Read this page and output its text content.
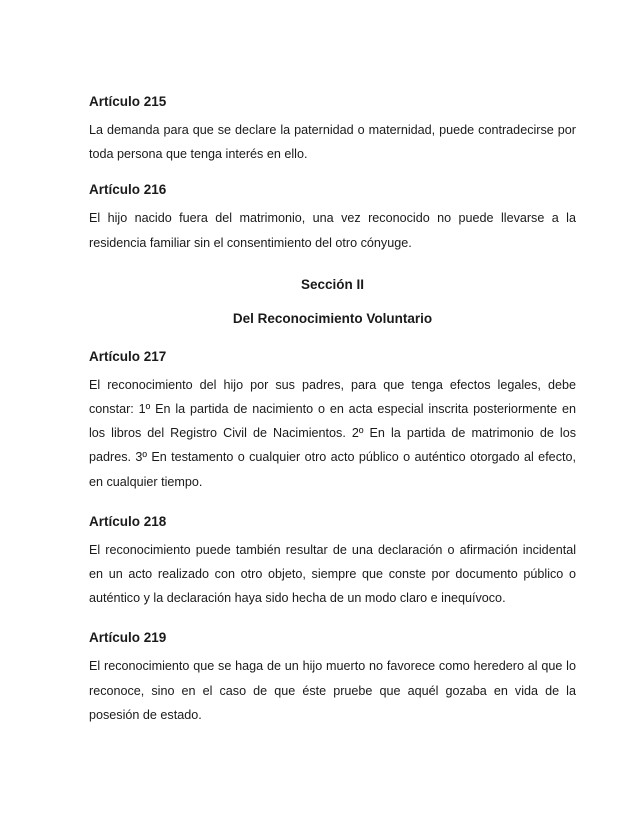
Artículo 215

La demanda para que se declare la paternidad o maternidad, puede contradecirse por toda persona que tenga interés en ello.

Artículo 216

El hijo nacido fuera del matrimonio, una vez reconocido no puede llevarse a la residencia familiar sin el consentimiento del otro cónyuge.

Sección II

Del Reconocimiento Voluntario

Artículo 217

El reconocimiento del hijo por sus padres, para que tenga efectos legales, debe constar: 1º En la partida de nacimiento o en acta especial inscrita posteriormente en los libros del Registro Civil de Nacimientos. 2º En la partida de matrimonio de los padres. 3º En testamento o cualquier otro acto público o auténtico otorgado al efecto, en cualquier tiempo.

Artículo 218

El reconocimiento puede también resultar de una declaración o afirmación incidental en un acto realizado con otro objeto, siempre que conste por documento público o auténtico y la declaración haya sido hecha de un modo claro e inequívoco.

Artículo 219

El reconocimiento que se haga de un hijo muerto no favorece como heredero al que lo reconoce, sino en el caso de que éste pruebe que aquél gozaba en vida de la posesión de estado.
